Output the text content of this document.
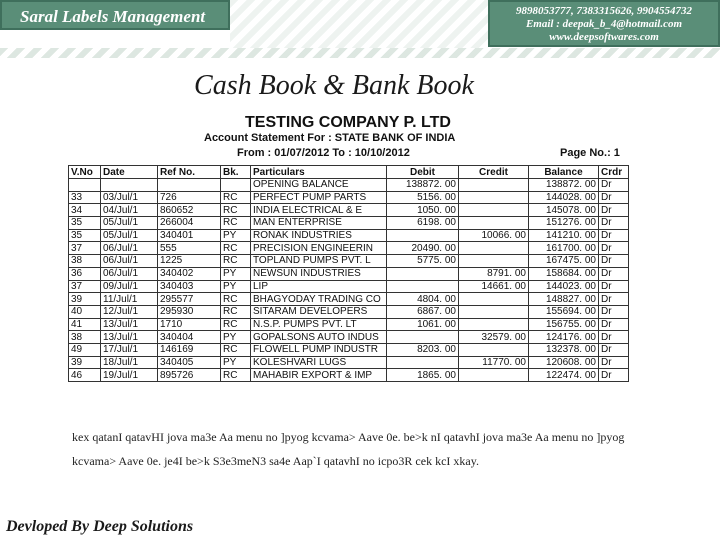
Saral Labels Management	9898053777, 7383315626, 9904554732
Email : deepak_b_4@hotmail.com
www.deepsoftwares.com
Cash Book & Bank Book
TESTING COMPANY P. LTD
Account Statement For : STATE BANK OF INDIA
From : 01/07/2012 To : 10/10/2012	Page No.: 1
V.No	Date	Ref No.	Bk.	Particulars	Debit	Credit	Balance	Crdr
				OPENING BALANCE	138872. 00		138872. 00	Dr
33	03/Jul/1	726	RC	PERFECT PUMP PARTS	5156. 00		144028. 00	Dr
34	04/Jul/1	860652	RC	INDIA ELECTRICAL & E	1050. 00		145078. 00	Dr
35	05/Jul/1	266004	RC	MAN ENTERPRISE	6198. 00		151276. 00	Dr
35	05/Jul/1	340401	PY	RONAK INDUSTRIES		10066. 00	141210. 00	Dr
37	06/Jul/1	555	RC	PRECISION ENGINEERIN	20490. 00		161700. 00	Dr
38	06/Jul/1	1225	RC	TOPLAND PUMPS PVT. L	5775. 00		167475. 00	Dr
36	06/Jul/1	340402	PY	NEWSUN INDUSTRIES		8791. 00	158684. 00	Dr
37	09/Jul/1	340403	PY	LIP		14661. 00	144023. 00	Dr
39	11/Jul/1	295577	RC	BHAGYODAY TRADING CO	4804. 00		148827. 00	Dr
40	12/Jul/1	295930	RC	SITARAM DEVELOPERS	6867. 00		155694. 00	Dr
41	13/Jul/1	1710	RC	N.S.P. PUMPS PVT. LT	1061. 00		156755. 00	Dr
38	13/Jul/1	340404	PY	GOPALSONS AUTO INDUS		32579. 00	124176. 00	Dr
49	17/Jul/1	146169	RC	FLOWELL PUMP INDUSTR	8203. 00		132378. 00	Dr
39	18/Jul/1	340405	PY	KOLESHVARI LUGS		11770. 00	120608. 00	Dr
46	19/Jul/1	895726	RC	MAHABIR EXPORT & IMP	1865. 00		122474. 00	Dr
kex qatanI qatavHI jova ma3e Aa menu no ]pyog kcvama> Aave 0e. be>k nI qatavhI jova ma3e Aa menu no ]pyog kcvama> Aave 0e. je4I be>k S3e3meN3 sa4e Aap`I qatavhI no icpo3R cek kcI xkay.
Devloped By Deep Solutions
